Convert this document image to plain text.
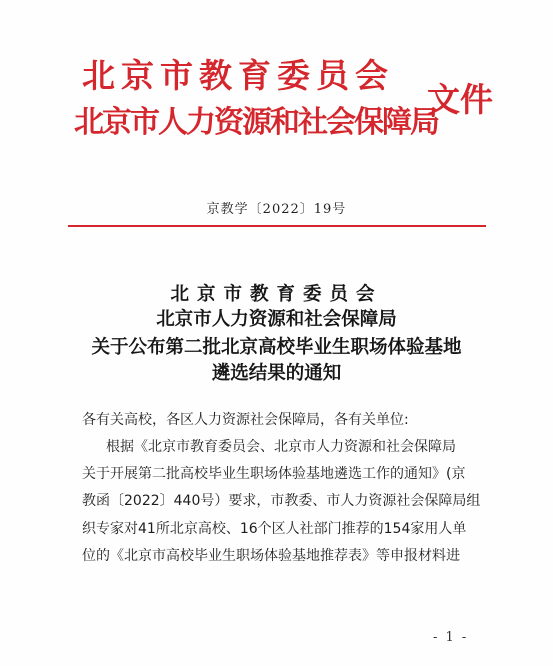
北京市教育委员会
北京市人力资源和社会保障局
文件
京教学〔2022〕19号
北京市教育委员会
北京市人力资源和社会保障局
关于公布第二批北京高校毕业生职场体验基地
遴选结果的通知
各有关高校，各区人力资源社会保障局，各有关单位:
根据《北京市教育委员会、北京市人力资源和社会保障局
关于开展第二批高校毕业生职场体验基地遴选工作的通知》(京
教函〔2022〕440号）要求，市教委、市人力资源社会保障局组
织专家对41所北京高校、16个区人社部门推荐的154家用人单
位的《北京市高校毕业生职场体验基地推荐表》等申报材料进
- 1 -
